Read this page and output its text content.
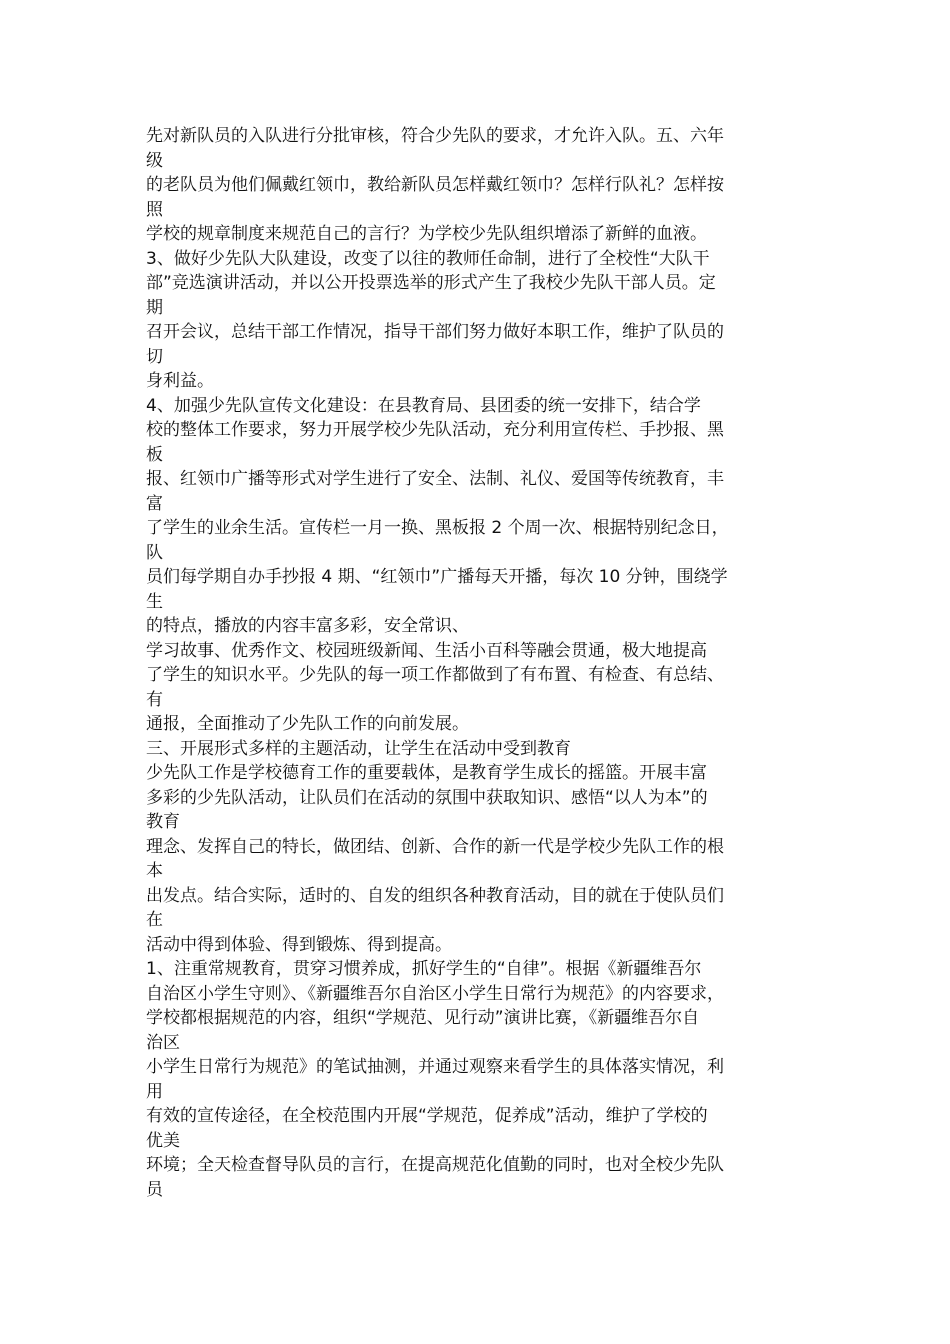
先对新队员的入队进行分批审核，符合少先队的要求，才允许入队。五、六年
级
的老队员为他们佩戴红领巾，教给新队员怎样戴红领巾？怎样行队礼？怎样按
照
学校的规章制度来规范自己的言行？为学校少先队组织增添了新鲜的血液。
3、做好少先队大队建设，改变了以往的教师任命制，进行了全校性“大队干
部”竞选演讲活动，并以公开投票选举的形式产生了我校少先队干部人员。定
期
召开会议，总结干部工作情况，指导干部们努力做好本职工作，维护了队员的
切
身利益。
4、加强少先队宣传文化建设：在县教育局、县团委的统一安排下，结合学
校的整体工作要求，努力开展学校少先队活动，充分利用宣传栏、手抄报、黑
板
报、红领巾广播等形式对学生进行了安全、法制、礼仪、爱国等传统教育，丰
富
了学生的业余生活。宣传栏一月一换、黑板报 2 个周一次、根据特别纪念日，
队
员们每学期自办手抄报 4 期、“红领巾”广播每天开播，每次 10 分钟，围绕学
生
的特点，播放的内容丰富多彩，安全常识、
学习故事、优秀作文、校园班级新闻、生活小百科等融会贯通，极大地提高
了学生的知识水平。少先队的每一项工作都做到了有布置、有检查、有总结、
有
通报，全面推动了少先队工作的向前发展。
三、开展形式多样的主题活动，让学生在活动中受到教育
少先队工作是学校德育工作的重要载体，是教育学生成长的摇篮。开展丰富
多彩的少先队活动，让队员们在活动的氛围中获取知识、感悟“以人为本”的
教育
理念、发挥自己的特长，做团结、创新、合作的新一代是学校少先队工作的根
本
出发点。结合实际，适时的、自发的组织各种教育活动，目的就在于使队员们
在
活动中得到体验、得到锻炼、得到提高。
1、注重常规教育，贯穿习惯养成，抓好学生的“自律”。根据《新疆维吾尔
自治区小学生守则》、《新疆维吾尔自治区小学生日常行为规范》的内容要求，
学校都根据规范的内容，组织“学规范、见行动”演讲比赛，《新疆维吾尔自
治区
小学生日常行为规范》的笔试抽测，并通过观察来看学生的具体落实情况，利
用
有效的宣传途径，在全校范围内开展“学规范，促养成”活动，维护了学校的
优美
环境；全天检查督导队员的言行，在提高规范化值勤的同时，也对全校少先队
员
